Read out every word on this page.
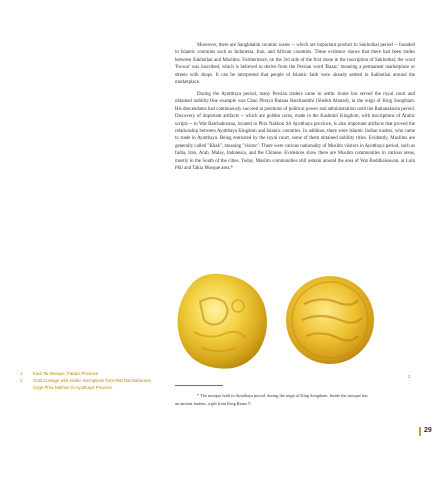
Moreover, there are Sangkhalok ceramic wares -- which are important product in Sukhothai period -- founded in Islamic countries such as Indonesia, Iran, and African countries. These evidence shows that there had been trades between Sukhothai and Muslims. Furthermore, on the 3rd side of the first stone in the inscription of Sukhothai, the word 'Pa-sun' was inscribed, which is believed to derive from the Persian word 'Bazar,' meaning a permanent marketplace or streets with shops. It can be interpreted that people of Islamic faith were already settled in Sukhothai around the marketplace.

During the Ayutthaya period, many Persian traders came to settle. Some has served the royal court and obtained nobility.One example was Chao Phraya Ratana Ratchasetthi (Sheikh Ahmad), in the reign of King Songtham. His descendants had continuously succeed in positions of political power and administration until the Rattanakosin period. Discovery of important artifacts -- which are golden coins, made in the Kashmiri Kingdom, with inscriptions of Arabic scripts -- in Wat Ratchaburana, located in Phra Nakhon Sri Ayutthaya province, is also important artifacts that proved the relationship between Ayutthaya Kingdom and Islamic countries. In addition, there were Islamic Indian traders, who came to trade in Ayutthaya. Being entrusted by the royal court, some of them obtained nobility titles. Evidently, Muslims are generally called "Khak", meaning "visitor". There were various nationality of Muslim visitors in Ayutthaya period, such as India, Iran, Arab, Malay, Indonesia, and the Chinese. Evidences show there are Muslim communities in various areas, mostly in the South of the cities. Today, Muslim communities still remain around the area of Wat Buddhaisawan, at Lum Phli and Takia Mosque area.*

2
1	Kudi Tai Mosque, Pattani Province
2	Gold Coinage with Arabic Inscriptions from Wat Ratchaburana Crypt Phra Nakhon Si Ayutthaya Province
* The mosque built in Ayutthaya period, during the reign of King Songtham. Inside the mosque has
an ancient lantern, a gift from King Rama V
29
